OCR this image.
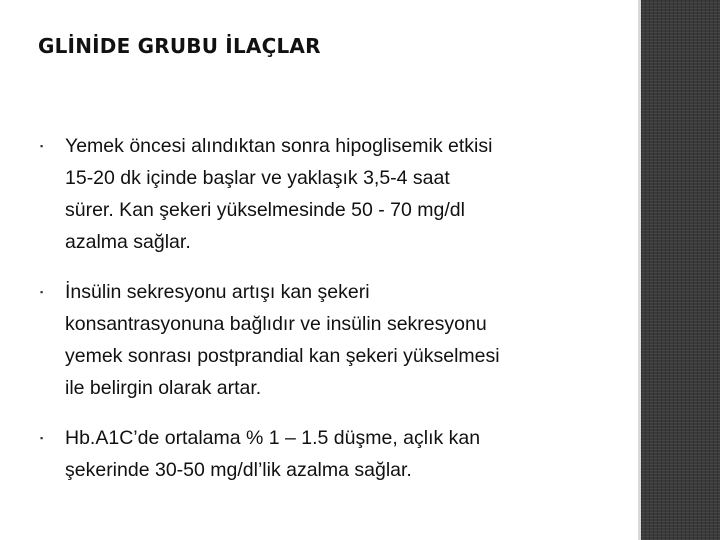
GLİNİDE GRUBU İLAÇLAR
▪	Yemek öncesi alındıktan sonra hipoglisemik etkisi
15-20 dk içinde başlar ve yaklaşık 3,5-4 saat
sürer. Kan şekeri yükselmesinde 50 - 70 mg/dl
azalma sağlar.
▪	İnsülin sekresyonu artışı kan şekeri
konsantrasyonuna bağlıdır ve insülin sekresyonu
yemek sonrası postprandial kan şekeri yükselmesi
ile belirgin olarak artar.
▪	Hb.A1C’de ortalama % 1 – 1.5 düşme, açlık kan
şekerinde 30-50 mg/dl’lik azalma sağlar.
